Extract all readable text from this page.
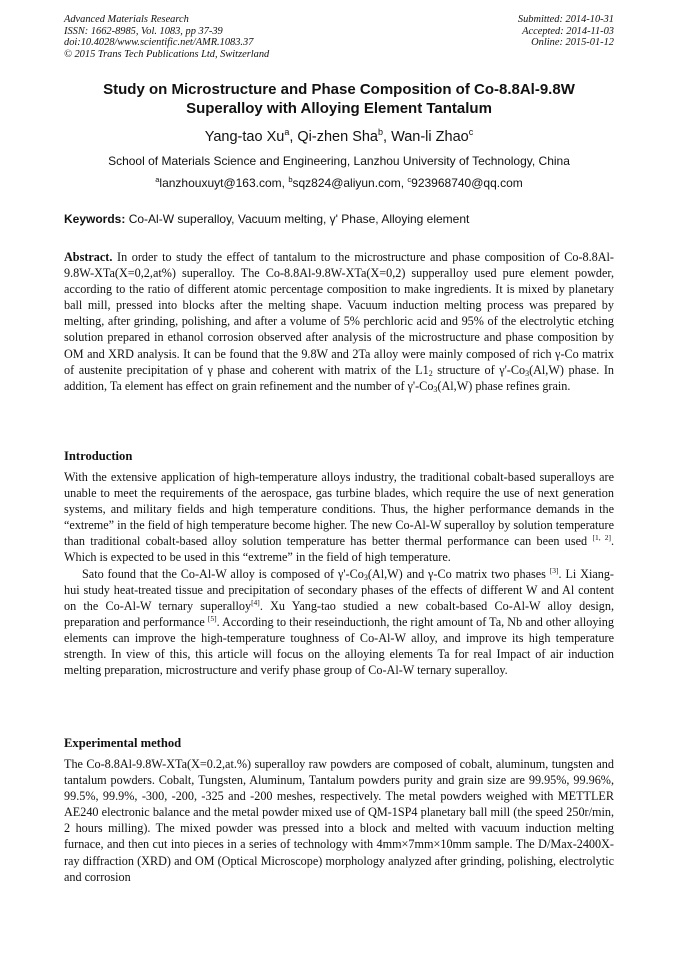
Advanced Materials Research
ISSN: 1662-8985, Vol. 1083, pp 37-39
doi:10.4028/www.scientific.net/AMR.1083.37
© 2015 Trans Tech Publications Ltd, Switzerland
Submitted: 2014-10-31
Accepted: 2014-11-03
Online: 2015-01-12
Study on Microstructure and Phase Composition of Co-8.8Al-9.8W
Superalloy with Alloying Element Tantalum
Yang-tao Xu$^a$, Qi-zhen Sha$^b$, Wan-li Zhao$^c$
School of Materials Science and Engineering, Lanzhou University of Technology, China
$^a$lanzhouxuyt@163.com, $^b$sqz824@aliyun.com, $^c$923968740@qq.com
Keywords: Co-Al-W superalloy, Vacuum melting, γ' Phase, Alloying element

Abstract. In order to study the effect of tantalum to the microstructure and phase composition of Co-8.8Al-9.8W-XTa(X=0,2,at%) superalloy. The Co-8.8Al-9.8W-XTa(X=0,2) supperalloy used pure element powder, according to the ratio of different atomic percentage composition to make ingredients. It is mixed by planetary ball mill, pressed into blocks after the melting shape. Vacuum induction melting process was prepared by melting, after grinding, polishing, and after a volume of 5% perchloric acid and 95% of the electrolytic etching solution prepared in ethanol corrosion observed after analysis of the microstructure and phase composition by OM and XRD analysis. It can be found that the 9.8W and 2Ta alloy were mainly composed of rich γ-Co matrix of austenite precipitation of γ phase and coherent with matrix of the $L1_2$ structure of $\gamma'-Co_3(Al,W)$ phase. In addition, Ta element has effect on grain refinement and the number of $\gamma'-Co_3(Al,W)$ phase refines grain.

Introduction

With the extensive application of high-temperature alloys industry, the traditional cobalt-based superalloys are unable to meet the requirements of the aerospace, gas turbine blades, which require the use of next generation systems, and military fields and high temperature conditions. Thus, the higher performance demands in the “extreme” in the field of high temperature become higher. The new Co-Al-W superalloy by solution temperature than traditional cobalt-based alloy solution temperature has better thermal performance can been used [1, 2]. Which is expected to be used in this “extreme” in the field of high temperature.

Sato found that the Co-Al-W alloy is composed of $\gamma'-Co_3(Al,W)$ and γ-Co matrix two phases [3]. Li Xiang-hui study heat-treated tissue and precipitation of secondary phases of the effects of different W and Al content on the Co-Al-W ternary superalloy[4]. Xu Yang-tao studied a new cobalt-based Co-Al-W alloy design, preparation and performance [5]. According to their reseinductionh, the right amount of Ta, Nb and other alloying elements can improve the high-temperature toughness of Co-Al-W alloy, and improve its high temperature strength. In view of this, this article will focus on the alloying elements Ta for real Impact of air induction melting preparation, microstructure and verify phase group of Co-Al-W ternary superalloy.

Experimental method

The Co-8.8Al-9.8W-XTa(X=0.2,at.%) superalloy raw powders are composed of cobalt, aluminum, tungsten and tantalum powders. Cobalt, Tungsten, Aluminum, Tantalum powders purity and grain size are 99.95%, 99.96%, 99.5%, 99.9%, -300, -200, -325 and -200 meshes, respectively. The metal powders weighed with METTLER AE240 electronic balance and the metal powder mixed use of QM-1SP4 planetary ball mill (the speed 250r/min, 2 hours milling). The mixed powder was pressed into a block and melted with vacuum induction melting furnace, and then cut into pieces in a series of technology with 4mm×7mm×10mm sample. The D/Max-2400X-ray diffraction (XRD) and OM (Optical Microscope) morphology analyzed after grinding, polishing, electrolytic and corrosion
